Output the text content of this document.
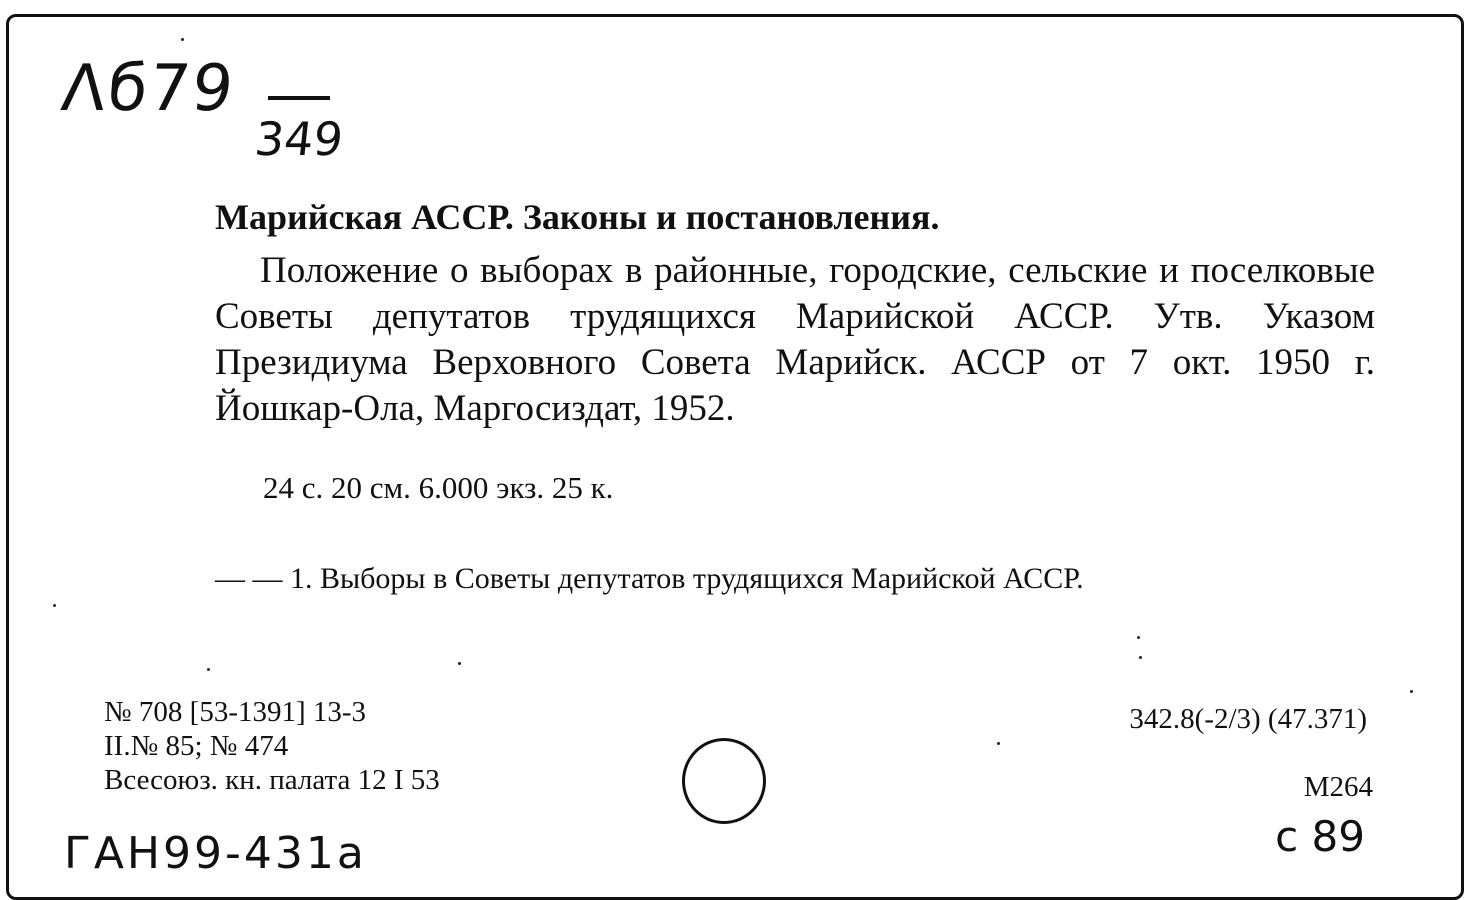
Λб79
349
Марийская АССР. Законы и постановления.
Положение о выборах в районные, городские, сельские и поселковые Советы депутатов трудящихся Марийской АССР. Утв. Указом Президиума Верховного Совета Марийск. АССР от 7 окт. 1950 г. Йошкар-Ола, Маргосиздат, 1952.
24 с. 20 см. 6.000 экз. 25 к.
— — 1. Выборы в Советы депутатов трудящихся Марийской АССР.
№ 708 [53-1391] 13-3
II.№ 85; № 474
Всесоюз. кн. палата 12 I 53
342.8(-2/3) (47.371)
М264
ГАН99-431а	с 89
